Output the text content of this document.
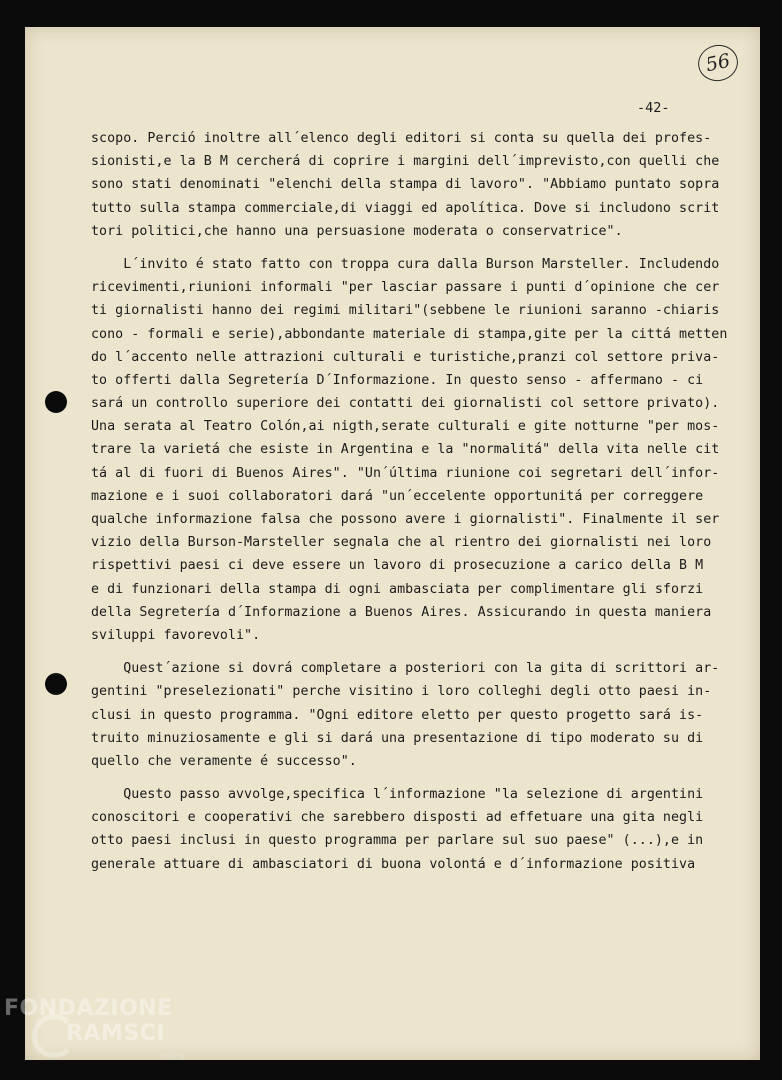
56
-42-
scopo. Perció inoltre all´elenco degli editori si conta su quella dei profes-
sionisti,e la B M cercherá di coprire i margini dell´imprevisto,con quelli che
sono stati denominati "elenchi della stampa di lavoro". "Abbiamo puntato sopra
tutto sulla stampa commerciale,di viaggi ed apolítica. Dove si includono scrit
tori politici,che hanno una persuasione moderata o conservatrice".
L´invito é stato fatto con troppa cura dalla Burson Marsteller. Includendo
ricevimenti,riunioni informali "per lasciar passare i punti d´opinione che cer
ti giornalisti hanno dei regimi militari"(sebbene le riunioni saranno -chiaris
cono - formali e serie),abbondante materiale di stampa,gite per la cittá metten
do l´accento nelle attrazioni culturali e turistiche,pranzi col settore priva-
to offerti dalla Segretería D´Informazione. In questo senso - affermano - ci
sará un controllo superiore dei contatti dei giornalisti col settore privato).
Una serata al Teatro Colón,ai nigth,serate culturali e gite notturne "per mos-
trare la varietá che esiste in Argentina e la "normalitá" della vita nelle cit
tá al di fuori di Buenos Aires". "Un´última riunione coi segretari dell´infor-
mazione e i suoi collaboratori dará "un´eccelente opportunitá per correggere
qualche informazione falsa che possono avere i giornalisti". Finalmente il ser
vizio della Burson-Marsteller segnala che al rientro dei giornalisti nei loro
rispettivi paesi ci deve essere un lavoro di prosecuzione a carico della B M
e di funzionari della stampa di ogni ambasciata per complimentare gli sforzi
della Segretería d´Informazione a Buenos Aires. Assicurando in questa maniera
sviluppi favorevoli".
Quest´azione si dovrá completare a posteriori con la gita di scrittori ar-
gentini "preselezionati" perche visitino i loro colleghi degli otto paesi in-
clusi in questo programma. "Ogni editore eletto per questo progetto sará is-
truito minuziosamente e gli si dará una presentazione di tipo moderato su di
quello che veramente é successo".
Questo passo avvolge,specifica l´informazione "la selezione di argentini
conoscitori e cooperativi che sarebbero disposti ad effetuare una gita negli
otto paesi inclusi in questo programma per parlare sul suo paese" (...),e in
generale attuare di ambasciatori di buona volontá e d´informazione positiva
FONDAZIONE
RAMSCI
online
